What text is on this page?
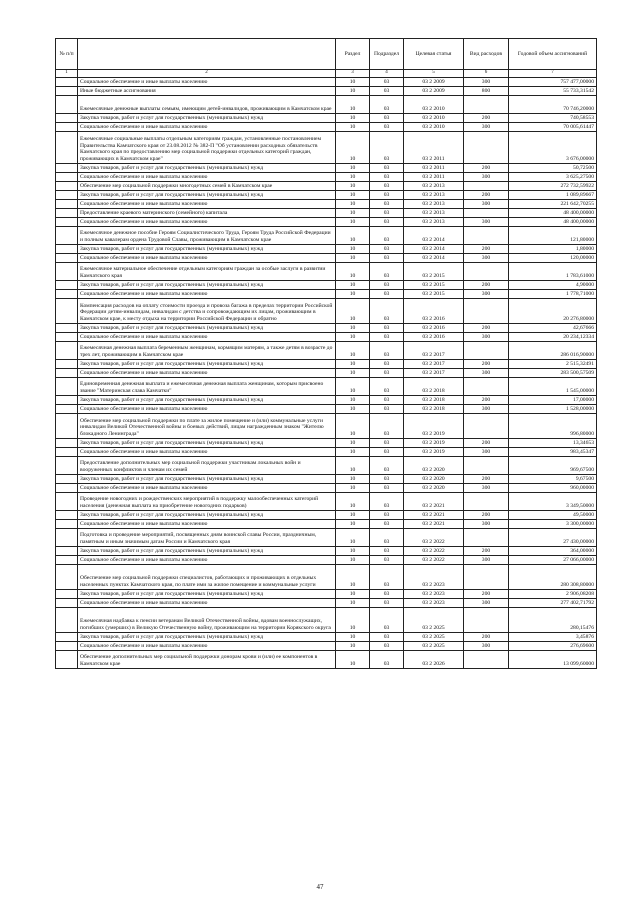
№ п/п		Раздел	Подраздел	Целевая статья	Вид расходов	Годовой объем ассигнований
1	2	3	4	5	6	7
	Социальное обеспечение и иные выплаты населению	10	03	03 2 2009	300	757 477,00000
	Иные бюджетные ассигнования	10	03	03 2 2009	800	55 733,31542
	Ежемесячные денежные выплаты семьям, имеющим детей-инвалидов, проживающим в Камчатском крае	10	03	03 2 2010		70 746,20000
	Закупка товаров, работ и услуг для государственных (муниципальных) нужд	10	03	03 2 2010	200	740,58553
	Социальное обеспечение и иные выплаты населению	10	03	03 2 2010	300	70 005,61447
	Ежемесячные социальные выплаты отдельным категориям граждан, установленные постановлением Правительства Камчатского края от 23.08.2012 № 382-П "Об установлении расходных обязательств Камчатского края по предоставлению мер социальной поддержки отдельных категорий граждан, проживающих в Камчатском крае"	10	03	03 2 2011		3 676,00000
	Закупка товаров, работ и услуг для государственных (муниципальных) нужд	10	03	03 2 2011	200	50,72500
	Социальное обеспечение и иные выплаты населению	10	03	03 2 2011	300	3 625,27500
	Обеспечение мер социальной поддержки многодетных семей в Камчатском крае	10	03	03 2 2013		272 732,59922
	Закупка товаров, работ и услуг для государственных (муниципальных) нужд	10	03	03 2 2013	200	1 089,89667
	Социальное обеспечение и иные выплаты населению	10	03	03 2 2013	300	221 642,70255
	Предоставление краевого материнского (семейного) капитала	10	03	03 2 2013		48 400,00000
	Социальное обеспечение и иные выплаты населению	10	03	03 2 2013	300	48 400,00000
	Ежемесячное денежное пособие Героям Социалистического Труда, Героям Труда Российской Федерации и полным кавалерам ордена Трудовой Славы, проживающим в Камчатском крае	10	03	03 2 2014		121,80000
	Закупка товаров, работ и услуг для государственных (муниципальных) нужд	10	03	03 2 2014	200	1,80000
	Социальное обеспечение и иные выплаты населению	10	03	03 2 2014	300	120,00000
	Ежемесячное материальное обеспечение отдельным категориям граждан за особые заслуги в развитии Камчатского края	10	03	03 2 2015		1 783,61000
	Закупка товаров, работ и услуг для государственных (муниципальных) нужд	10	03	03 2 2015	200	4,90000
	Социальное обеспечение и иные выплаты населению	10	03	03 2 2015	300	1 778,71000
	Компенсация расходов на оплату стоимости проезда и провоза багажа в пределах территории Российской Федерации детям-инвалидам, инвалидам с детства и сопровождающим их лицам, проживающим в Камчатском крае, к месту отдыха на территории Российской Федерации и обратно	10	03	03 2 2016		20 276,80000
	Закупка товаров, работ и услуг для государственных (муниципальных) нужд	10	03	03 2 2016	200	42,67666
	Социальное обеспечение и иные выплаты населению	10	03	03 2 2016	300	20 234,12334
	Ежемесячная денежная выплата беременным женщинам, кормящим матерям, а также детям в возрасте до трех лет, проживающим в Камчатском крае	10	03	03 2 2017		286 016,90000
	Закупка товаров, работ и услуг для государственных (муниципальных) нужд	10	03	03 2 2017	200	2 515,32491
	Социальное обеспечение и иные выплаты населению	10	03	03 2 2017	300	283 500,57509
	Единовременная денежная выплата и ежемесячная денежная выплата женщинам, которым присвоено звание "Материнская слава Камчатки"	10	03	03 2 2018		1 545,00000
	Закупка товаров, работ и услуг для государственных (муниципальных) нужд	10	03	03 2 2018	200	17,00000
	Социальное обеспечение и иные выплаты населению	10	03	03 2 2018	300	1 528,00000
	Обеспечение мер социальной поддержки по плате за жилое помещение и (или) коммунальные услуги инвалидам Великой Отечественной войны и боевых действий, лицам награжденным знаком "Жителю блокадного Ленинграда"	10	03	03 2 2019		996,80000
	Закупка товаров, работ и услуг для государственных (муниципальных) нужд	10	03	03 2 2019	200	13,34653
	Социальное обеспечение и иные выплаты населению	10	03	03 2 2019	300	983,45347
	Предоставление дополнительных мер социальной поддержки участникам локальных войн и вооруженных конфликтов и членам их семей	10	03	03 2 2020		969,67500
	Закупка товаров, работ и услуг для государственных (муниципальных) нужд	10	03	03 2 2020	200	9,67500
	Социальное обеспечение и иные выплаты населению	10	03	03 2 2020	300	960,00000
	Проведение новогодних и рождественских мероприятий в поддержку малообеспеченных категорий населения (денежная выплата на приобретение новогодних подарков)	10	03	03 2 2021		3 349,50000
	Закупка товаров, работ и услуг для государственных (муниципальных) нужд	10	03	03 2 2021	200	49,50000
	Социальное обеспечение и иные выплаты населению	10	03	03 2 2021	300	3 300,00000
	Подготовка и проведение мероприятий, посвященных дням воинской славы России, праздничным, памятным и иным значимым датам России и Камчатского края	10	03	03 2 2022		27 430,00000
	Закупка товаров, работ и услуг для государственных (муниципальных) нужд	10	03	03 2 2022	200	364,00000
	Социальное обеспечение и иные выплаты населению	10	03	03 2 2022	300	27 066,00000
	Обеспечение мер социальной поддержки специалистов, работающих и проживающих в отдельных населенных пунктах Камчатского края, по плате ими за жилое помещение и коммунальные услуги	10	03	03 2 2023		280 308,80000
	Закупка товаров, работ и услуг для государственных (муниципальных) нужд	10	03	03 2 2023	200	2 906,08208
	Социальное обеспечение и иные выплаты населению	10	03	03 2 2023	300	277 402,71792
	Ежемесячная надбавка к пенсии ветеранам Великой Отечественной войны, вдовам военнослужащих, погибших (умерших) в Великую Отечественную войну, проживающим на территории Корякского округа	10	03	03 2 2025		280,15476
	Закупка товаров, работ и услуг для государственных (муниципальных) нужд	10	03	03 2 2025	200	3,45876
	Социальное обеспечение и иные выплаты населению	10	03	03 2 2025	300	276,69600
	Обеспечение дополнительных мер социальной поддержки донорам крови и (или) ее компонентов в Камчатском крае	10	03	03 2 2026		13 099,60000
47
